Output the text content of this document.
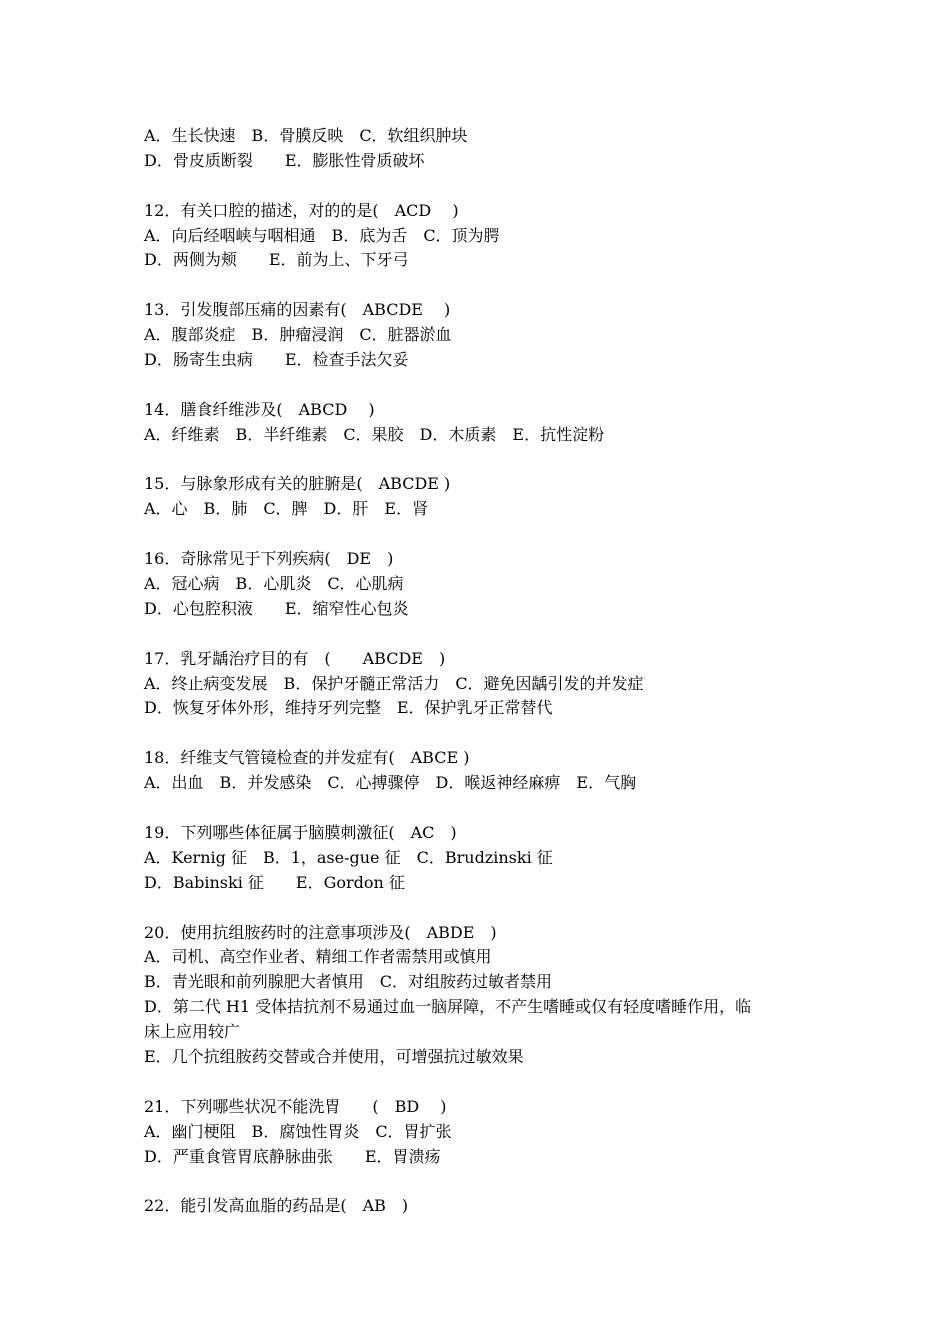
A．生长快速　B．骨膜反映　C．软组织肿块
D．骨皮质断裂　　E．膨胀性骨质破坏
12．有关口腔的描述，对的的是(　ACD　 )
A．向后经咽峡与咽相通　B．底为舌　C．顶为腭
D．两侧为颊　　E．前为上、下牙弓
13．引发腹部压痛的因素有(　ABCDE　 )
A．腹部炎症　B．肿瘤浸润　C．脏器淤血
D．肠寄生虫病　　E．检查手法欠妥
14．膳食纤维涉及(　ABCD　 )
A．纤维素　B．半纤维素　C．果胶　D．木质素　E．抗性淀粉
15．与脉象形成有关的脏腑是(　ABCDE )
A．心　B．肺　C．脾　D．肝　E．肾
16．奇脉常见于下列疾病(　DE　)
A．冠心病　B．心肌炎　C．心肌病
D．心包腔积液　　E．缩窄性心包炎
17．乳牙龋治疗目的有　(　　ABCDE　)
A．终止病变发展　B．保护牙髓正常活力　C．避免因龋引发的并发症
D．恢复牙体外形，维持牙列完整　E．保护乳牙正常替代
18．纤维支气管镜检查的并发症有(　ABCE )
A．出血　B．并发感染　C．心搏骤停　D．喉返神经麻痹　E．气胸
19．下列哪些体征属于脑膜刺激征(　AC　)
A．Kernig 征　B．1，ase-gue 征　C．Brudzinski 征
D．Babinski 征　　E．Gordon 征
20．使用抗组胺药时的注意事项涉及(　ABDE　)
A．司机、高空作业者、精细工作者需禁用或慎用
B．青光眼和前列腺肥大者慎用　C．对组胺药过敏者禁用
D．第二代 H1 受体拮抗剂不易通过血一脑屏障，不产生嗜睡或仅有轻度嗜睡作用，临
床上应用较广
E．几个抗组胺药交替或合并使用，可增强抗过敏效果
21．下列哪些状况不能洗胃　　(　BD　 )
A．幽门梗阻　B．腐蚀性胃炎　C．胃扩张
D．严重食管胃底静脉曲张　　E．胃溃疡
22．能引发高血脂的药品是(　AB　)
